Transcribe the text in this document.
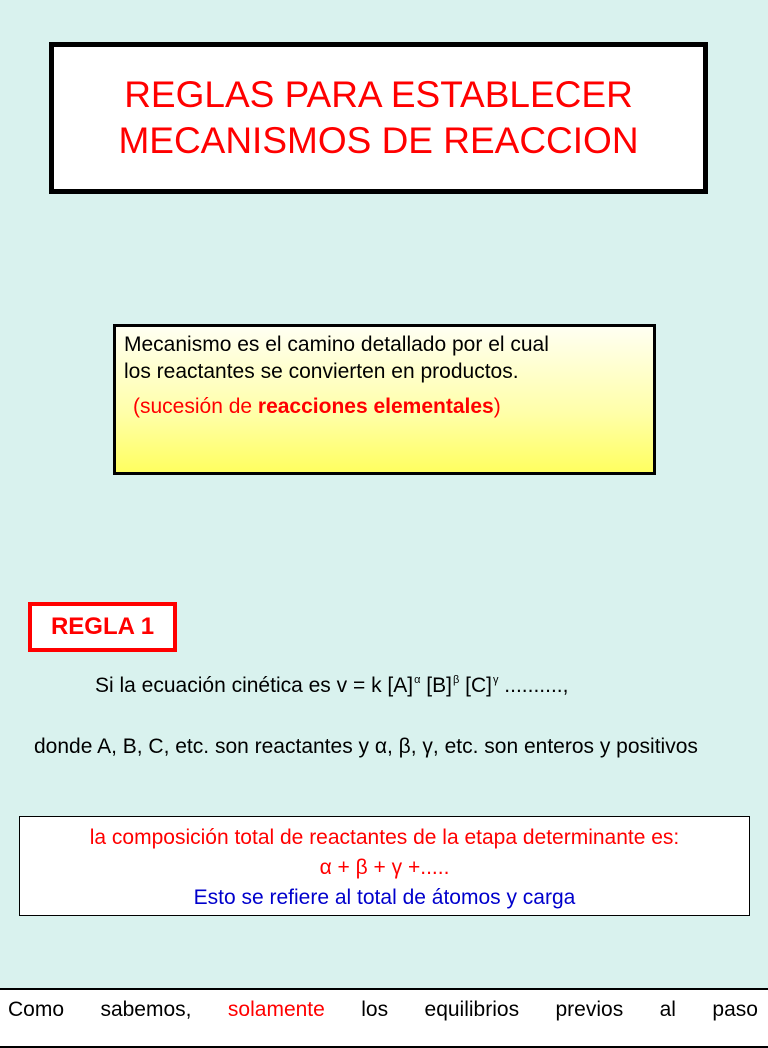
REGLAS PARA ESTABLECER
MECANISMOS DE REACCION
Mecanismo es el camino detallado por el cual
los reactantes se convierten en productos.
(sucesión de reacciones elementales)
REGLA 1
Si la ecuación cinética es v = k $[A]^\alpha$ $[B]^\beta$ $[C]^\gamma$ ..........,
donde A, B, C, etc. son reactantes y α, β, γ, etc. son enteros y positivos
la composición total de reactantes de la etapa determinante es:
α + β + γ +.....
Esto se refiere al total de átomos y carga
Como sabemos, solamente los equilibrios previos al paso
